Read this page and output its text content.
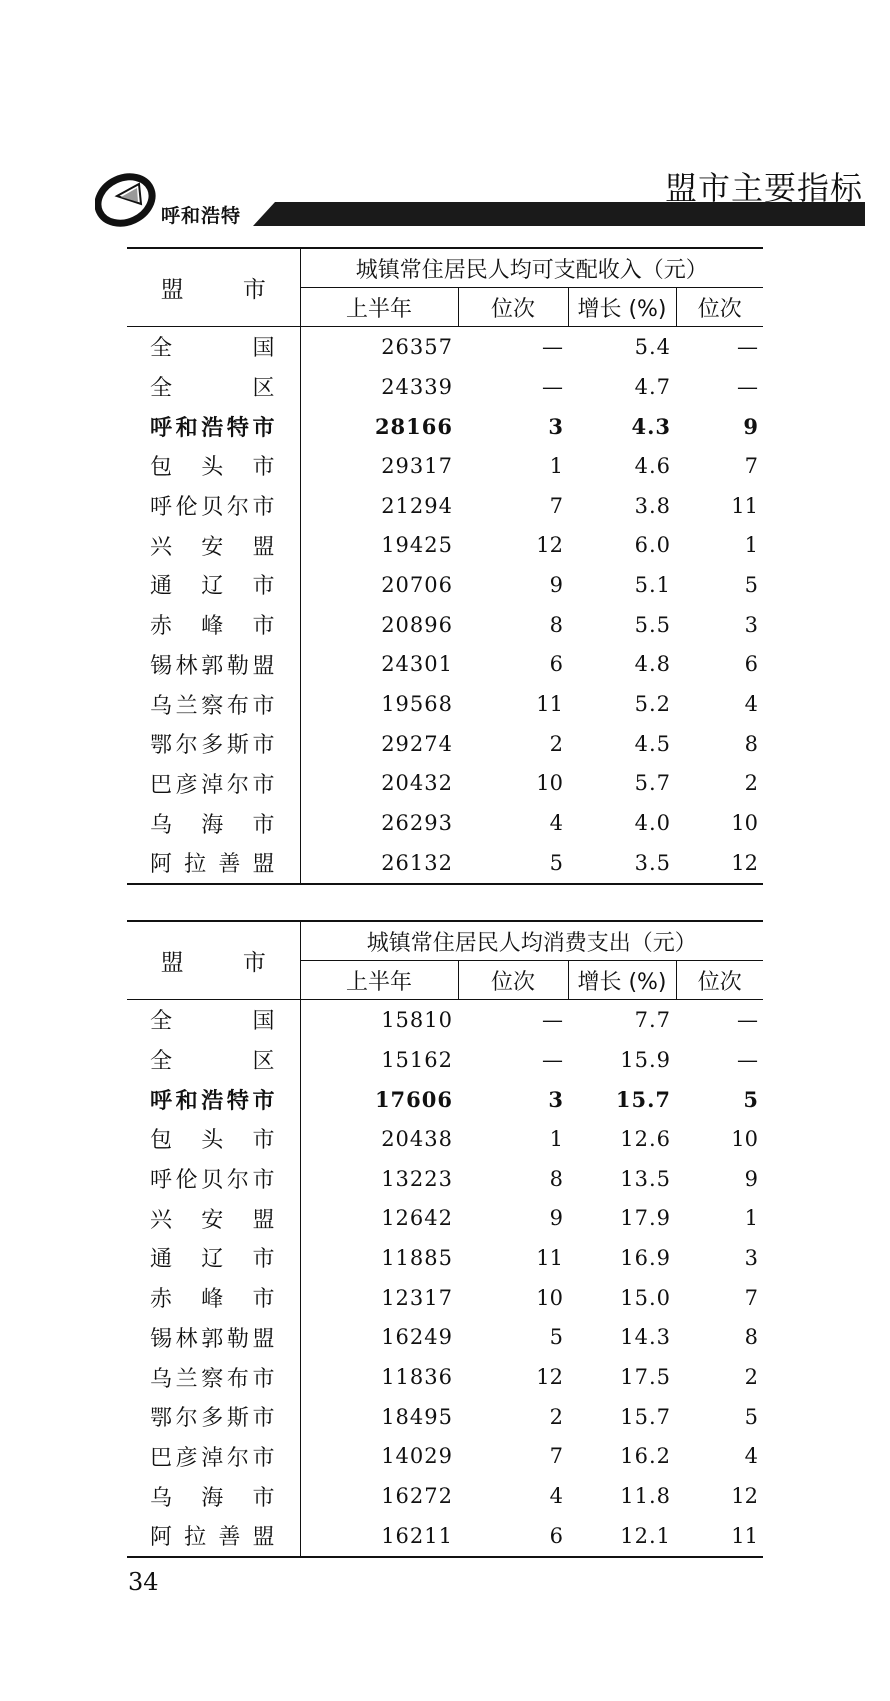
呼和浩特
盟市主要指标
盟 市	城镇常住居民人均可支配收入（元）			
	上半年	位次	增长 (%)	位次
全国	26357	—	5.4	—
全区	24339	—	4.7	—
呼和浩特市	28166	3	4.3	9
包头市	29317	1	4.6	7
呼伦贝尔市	21294	7	3.8	11
兴安盟	19425	12	6.0	1
通辽市	20706	9	5.1	5
赤峰市	20896	8	5.5	3
锡林郭勒盟	24301	6	4.8	6
乌兰察布市	19568	11	5.2	4
鄂尔多斯市	29274	2	4.5	8
巴彦淖尔市	20432	10	5.7	2
乌海市	26293	4	4.0	10
阿拉善盟	26132	5	3.5	12
盟 市	城镇常住居民人均消费支出（元）			
	上半年	位次	增长 (%)	位次
全国	15810	—	7.7	—
全区	15162	—	15.9	—
呼和浩特市	17606	3	15.7	5
包头市	20438	1	12.6	10
呼伦贝尔市	13223	8	13.5	9
兴安盟	12642	9	17.9	1
通辽市	11885	11	16.9	3
赤峰市	12317	10	15.0	7
锡林郭勒盟	16249	5	14.3	8
乌兰察布市	11836	12	17.5	2
鄂尔多斯市	18495	2	15.7	5
巴彦淖尔市	14029	7	16.2	4
乌海市	16272	4	11.8	12
阿拉善盟	16211	6	12.1	11
34
